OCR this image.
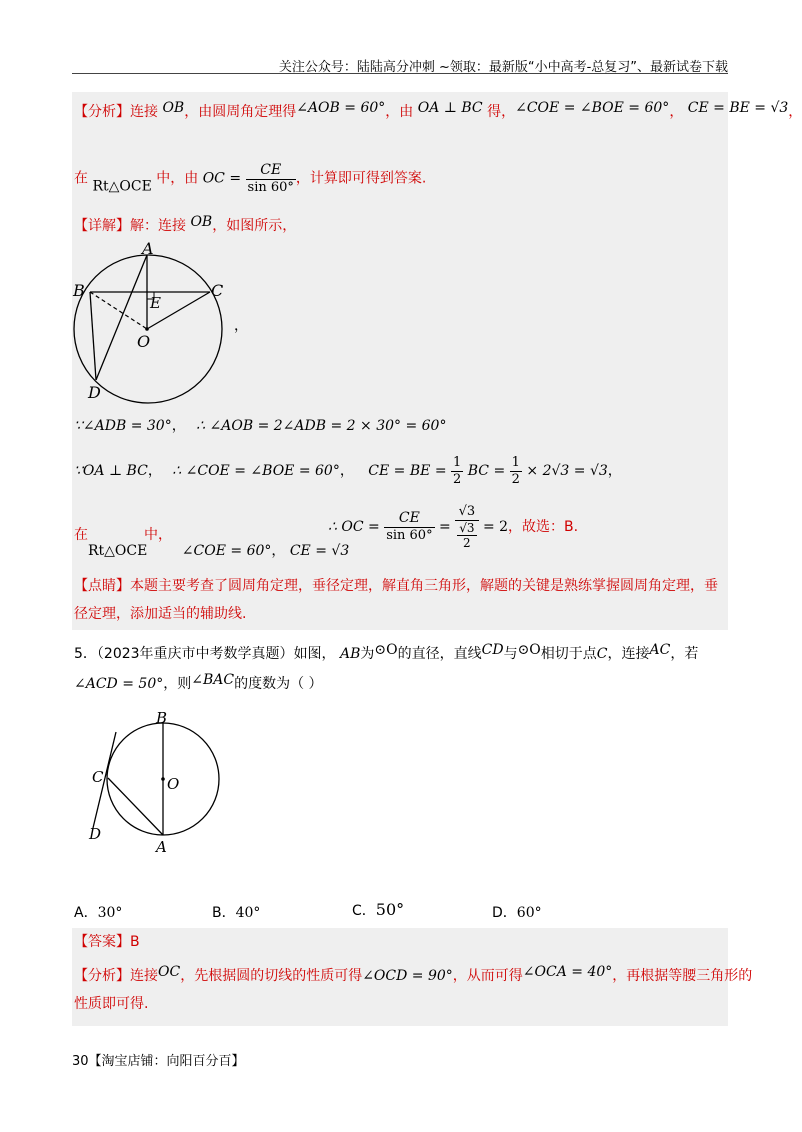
关注公众号：陆陆高分冲刺 ~领取：最新版“小中高考-总复习”、最新试卷下载
【分析】连接 OB，由圆周角定理得∠AOB = 60°，由 OA ⊥ BC 得，∠COE = ∠BOE = 60°， CE = BE = √3，
在 Rt△OCE 中，由 OC = $\frac{CE}{\sin 60^\circ}$ ，计算即可得到答案.
【详解】解：连接 OB，如图所示，
A
B	C
E
O
D
，
∵∠ADB = 30°， ∴ ∠AOB = 2∠ADB = 2 × 30° = 60°
∵OA ⊥ BC， ∴ ∠COE = ∠BOE = 60°， CE = BE = $\frac{1}{2}$ BC = $\frac{1}{2} \times 2√3 = √3$，
在	中，
Rt△OCE ∠COE = 60°， CE = √3
∴ OC = $\frac{CE}{\sin 60^\circ} = \frac{√3}{\frac{√3}{2}} = 2$，故选：B.
【点睛】本题主要考查了圆周角定理，垂径定理，解直角三角形，解题的关键是熟练掌握圆周角定理，垂
径定理，添加适当的辅助线.
5．（2023年重庆市中考数学真题）如图， AB为⊙O的直径，直线CD与⊙O相切于点C，连接AC，若
∠ACD = 50°，则∠BAC的度数为（ ）
B
C	O
D
A
A．30°	B．40°	C．50°	D．60°
【答案】B
【分析】连接OC，先根据圆的切线的性质可得∠OCD = 90°，从而可得∠OCA = 40°，再根据等腰三角形的
性质即可得.
30【淘宝店铺：向阳百分百】
